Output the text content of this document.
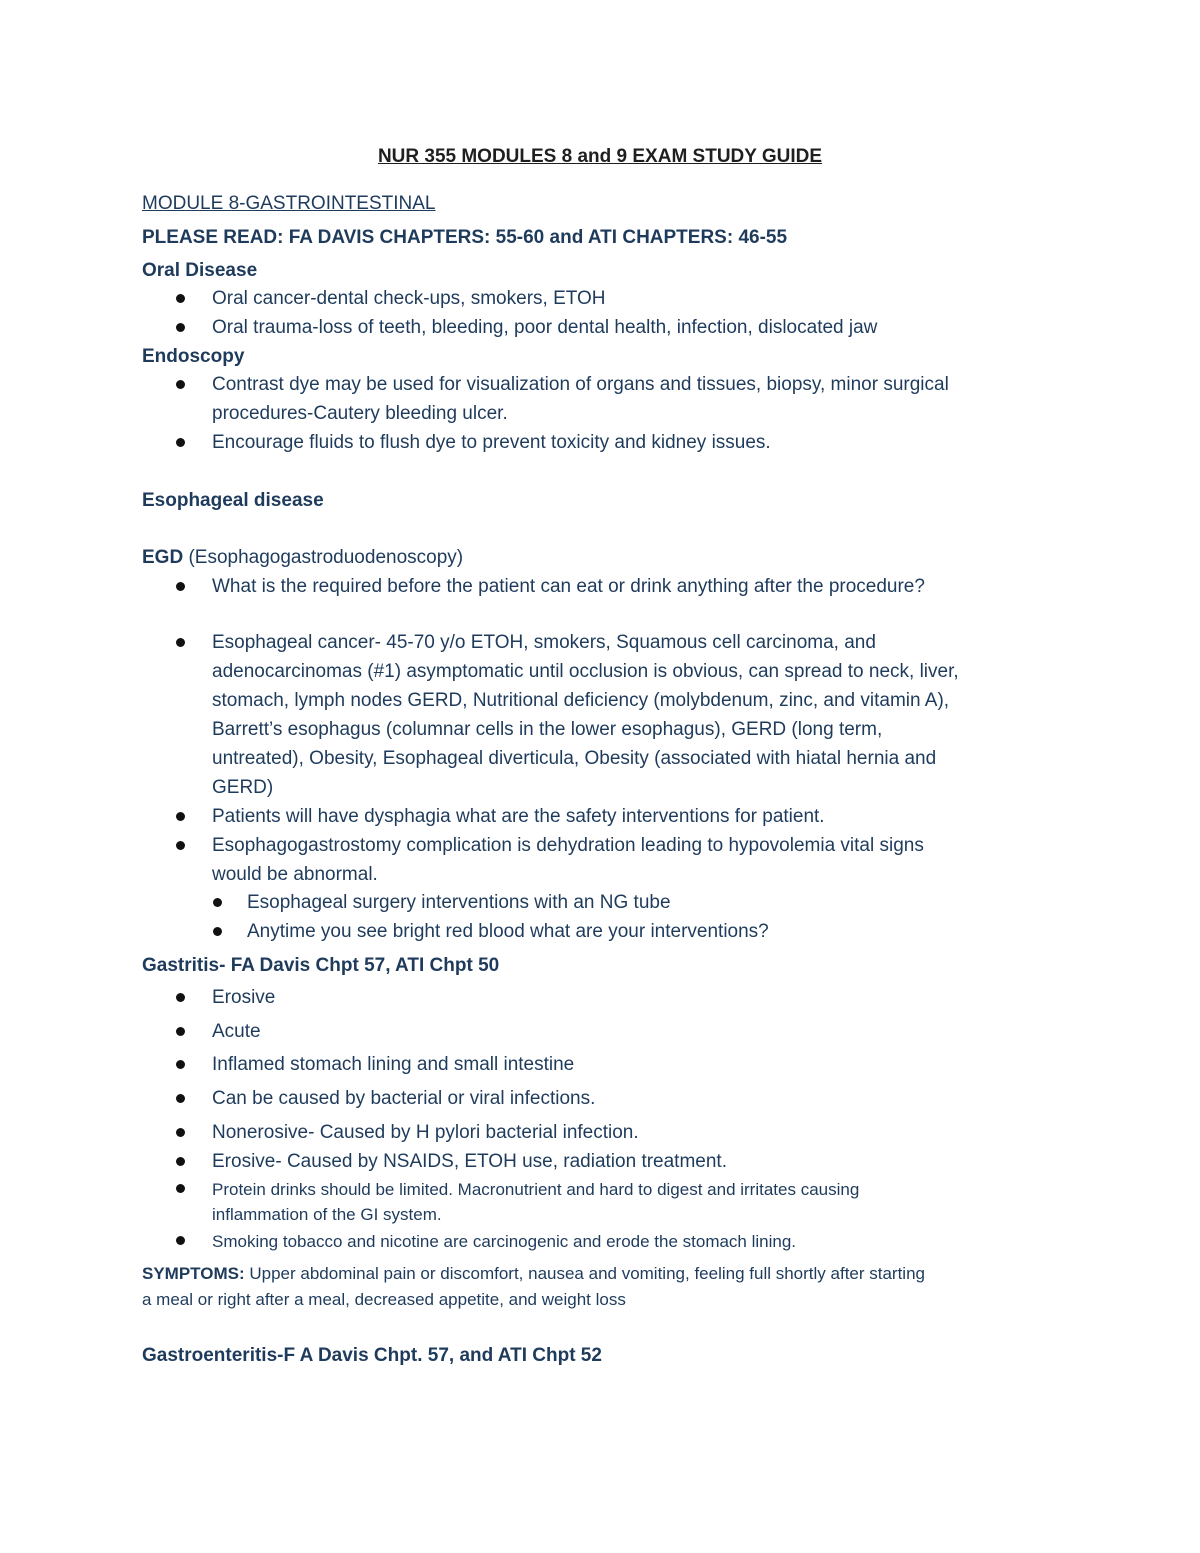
NUR 355 MODULES 8 and 9 EXAM STUDY GUIDE
MODULE 8-GASTROINTESTINAL
PLEASE READ: FA DAVIS CHAPTERS: 55-60 and ATI CHAPTERS: 46-55
Oral Disease
Oral cancer-dental check-ups, smokers, ETOH
Oral trauma-loss of teeth, bleeding, poor dental health, infection, dislocated jaw
Endoscopy
Contrast dye may be used for visualization of organs and tissues, biopsy, minor surgical
procedures-Cautery bleeding ulcer.
Encourage fluids to flush dye to prevent toxicity and kidney issues.
Esophageal disease
EGD (Esophagogastroduodenoscopy)
What is the required before the patient can eat or drink anything after the procedure?
Esophageal cancer- 45-70 y/o ETOH, smokers, Squamous cell carcinoma, and
adenocarcinomas (#1) asymptomatic until occlusion is obvious, can spread to neck, liver,
stomach, lymph nodes GERD, Nutritional deficiency (molybdenum, zinc, and vitamin A),
Barrett’s esophagus (columnar cells in the lower esophagus), GERD (long term,
untreated), Obesity, Esophageal diverticula, Obesity (associated with hiatal hernia and
GERD)
Patients will have dysphagia what are the safety interventions for patient.
Esophagogastrostomy complication is dehydration leading to hypovolemia vital signs
would be abnormal.
Esophageal surgery interventions with an NG tube
Anytime you see bright red blood what are your interventions?
Gastritis- FA Davis Chpt 57, ATI Chpt 50
Erosive
Acute
Inflamed stomach lining and small intestine
Can be caused by bacterial or viral infections.
Nonerosive- Caused by H pylori bacterial infection.
Erosive- Caused by NSAIDS, ETOH use, radiation treatment.
Protein drinks should be limited. Macronutrient and hard to digest and irritates causing
inflammation of the GI system.
Smoking tobacco and nicotine are carcinogenic and erode the stomach lining.
SYMPTOMS: Upper abdominal pain or discomfort, nausea and vomiting, feeling full shortly after starting
a meal or right after a meal, decreased appetite, and weight loss
Gastroenteritis-F A Davis Chpt. 57, and ATI Chpt 52
